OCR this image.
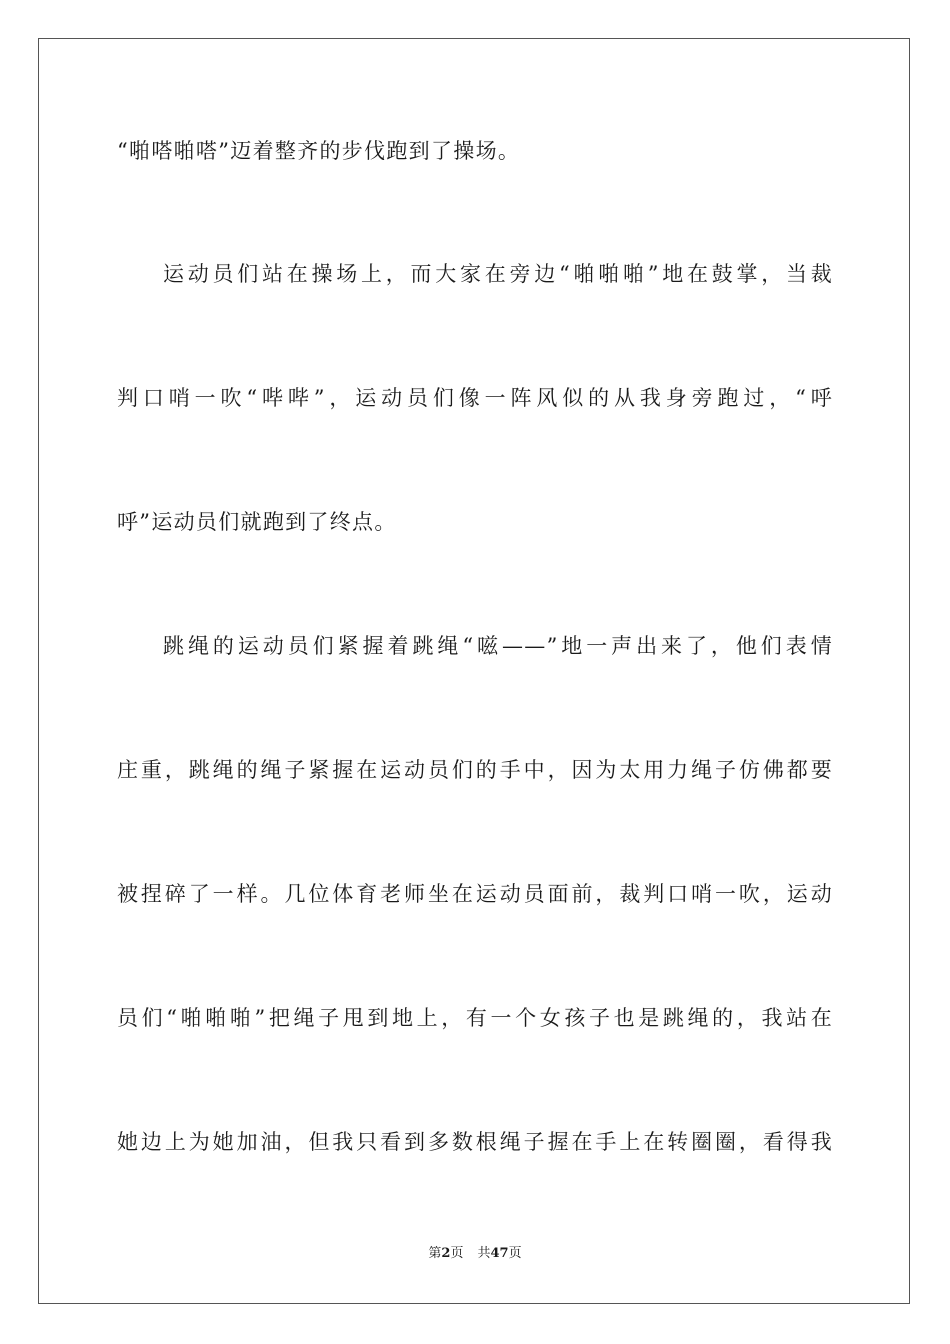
“啪嗒啪嗒”迈着整齐的步伐跑到了操场。
运动员们站在操场上，而大家在旁边“啪啪啪”地在鼓掌，当裁
判口哨一吹“哔哔”，运动员们像一阵风似的从我身旁跑过，“呼
呼”运动员们就跑到了终点。
跳绳的运动员们紧握着跳绳“嗞——”地一声出来了，他们表情
庄重，跳绳的绳子紧握在运动员们的手中，因为太用力绳子仿佛都要
被捏碎了一样。几位体育老师坐在运动员面前，裁判口哨一吹，运动
员们“啪啪啪”把绳子甩到地上，有一个女孩子也是跳绳的，我站在
她边上为她加油，但我只看到多数根绳子握在手上在转圈圈，看得我
第2页 共47页
